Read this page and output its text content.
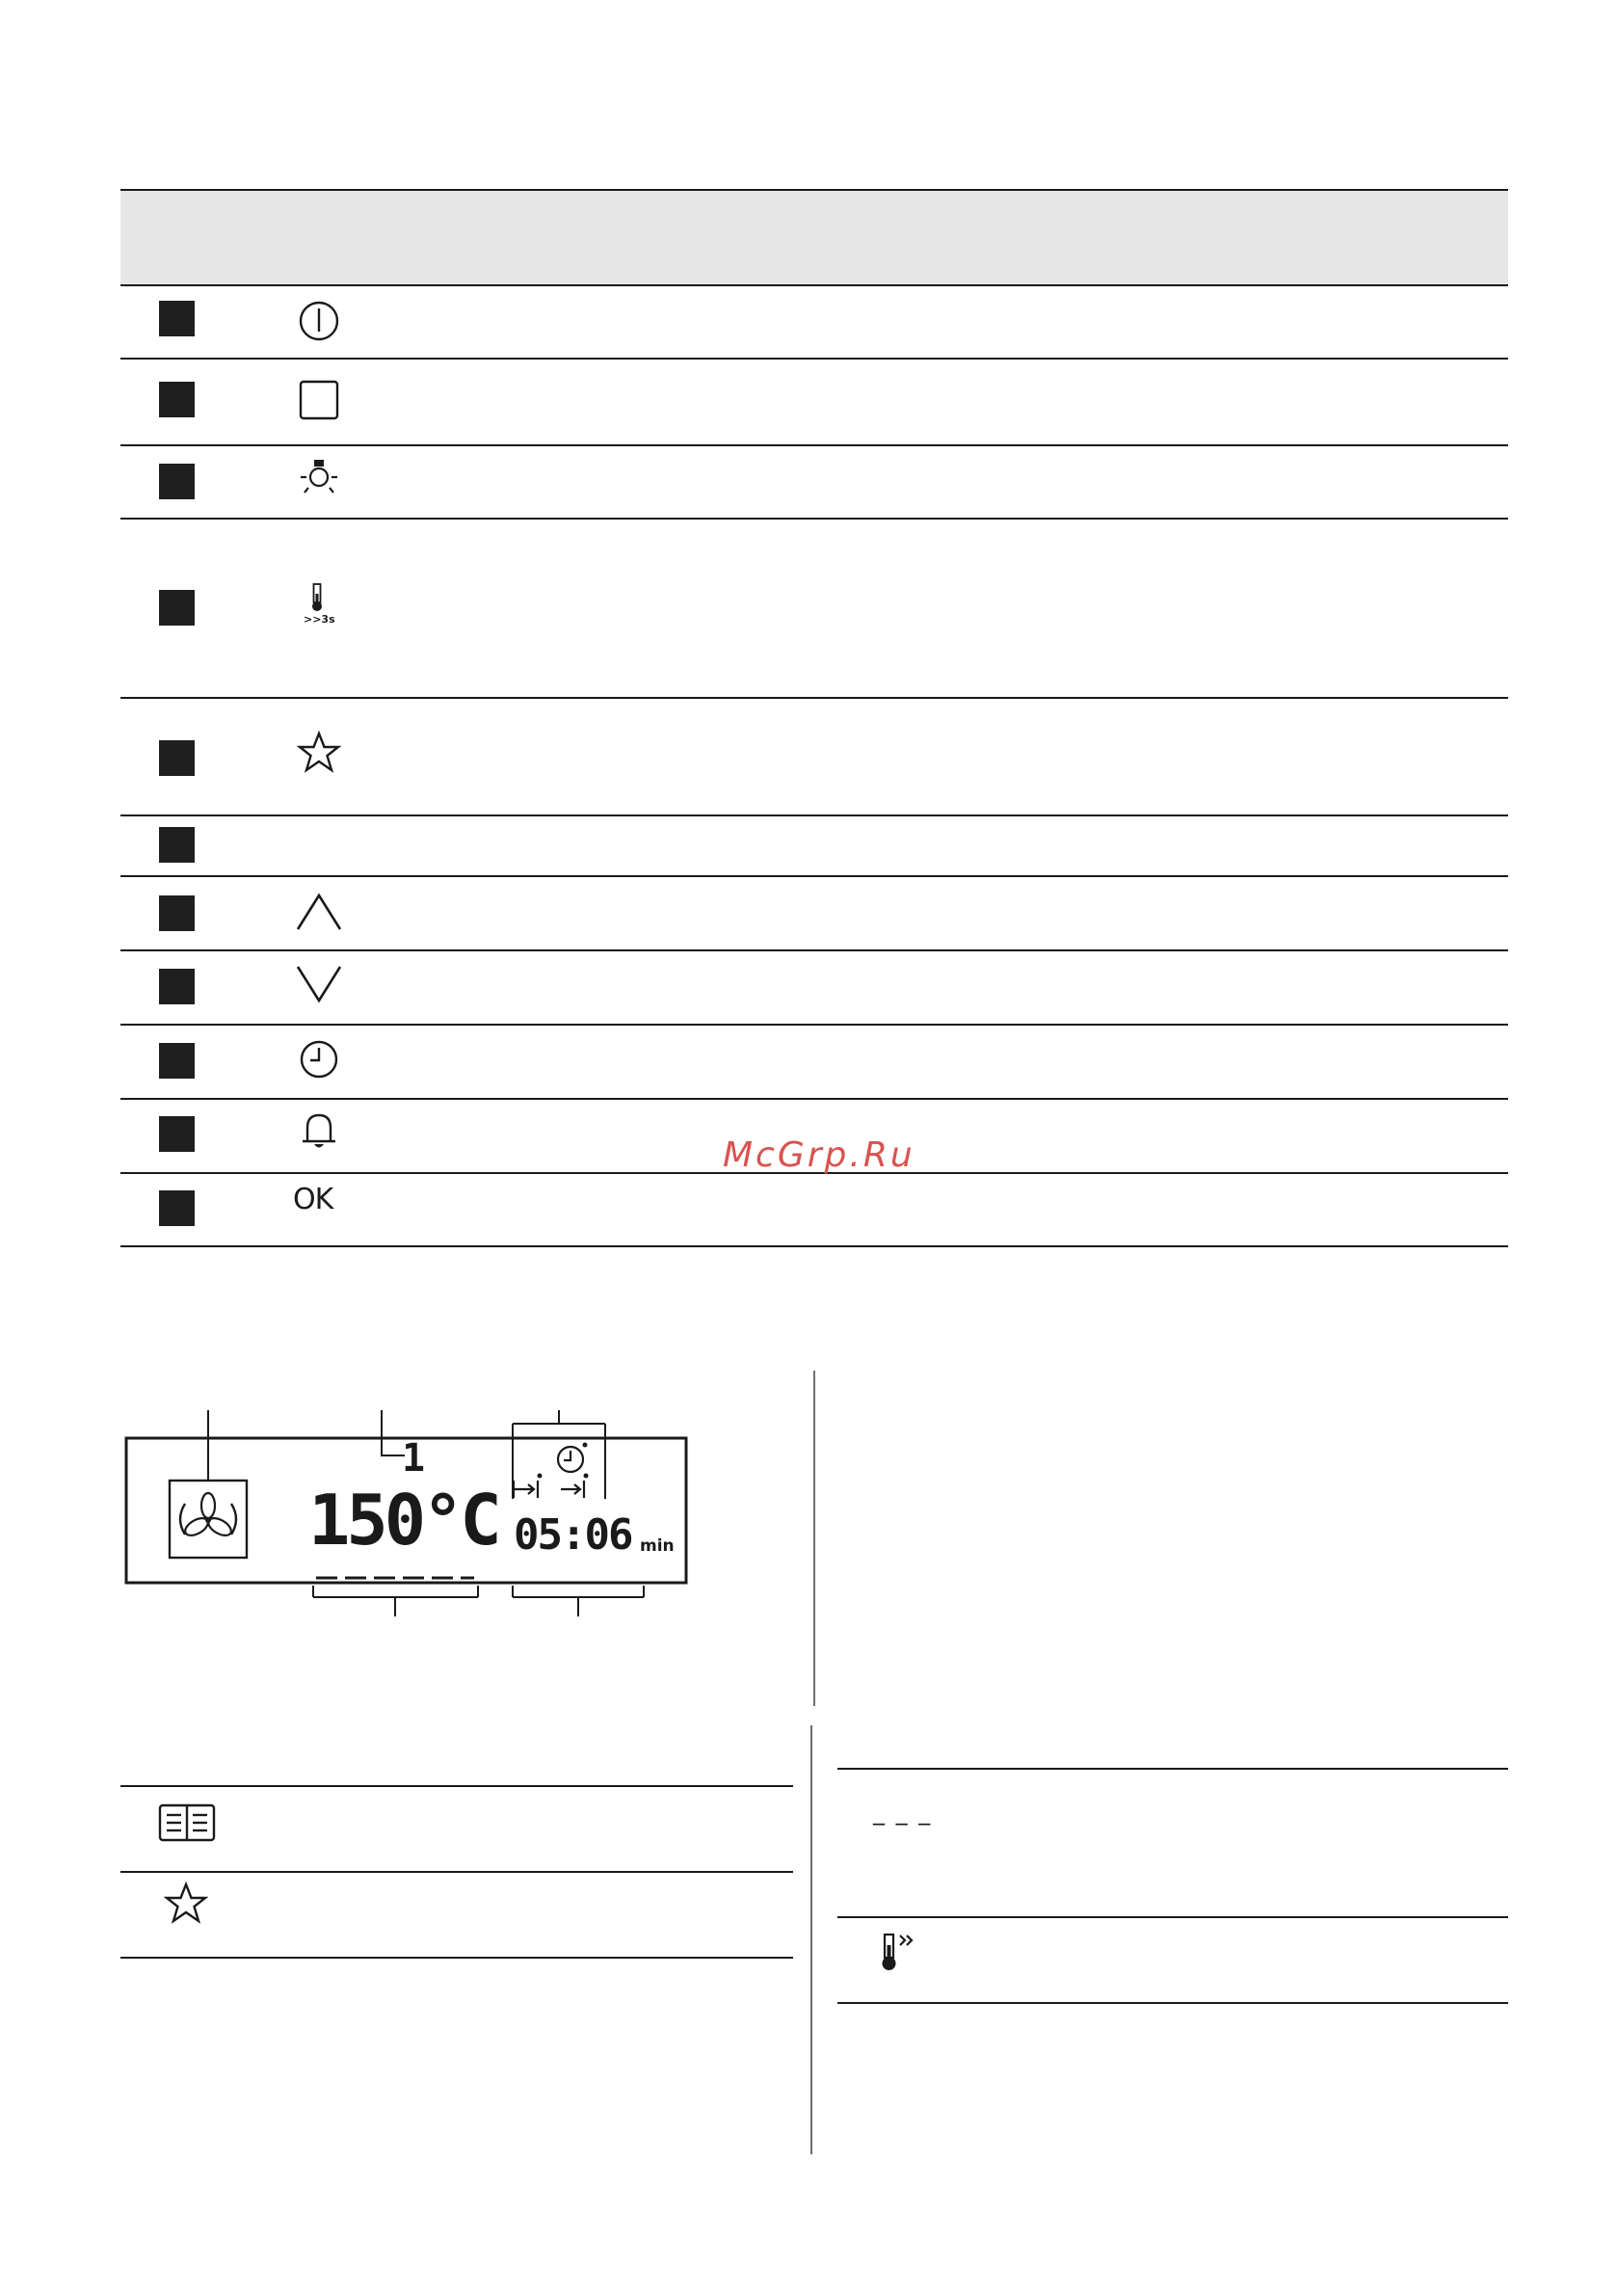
>>3s
OK
McGrp.Ru
1
150°C 05:06 min
_ _ _
